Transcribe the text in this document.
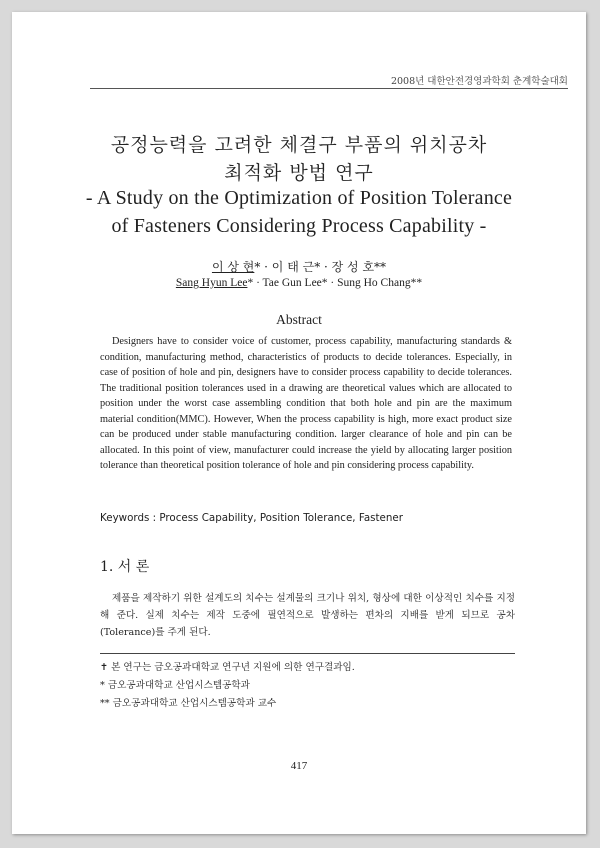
2008년 대한안전경영과학회 춘계학술대회
공정능력을 고려한 체결구 부품의 위치공차
최적화 방법 연구
- A Study on the Optimization of Position Tolerance
of Fasteners Considering Process Capability -
이 상 현* · 이 태 근* · 장 성 호**
Sang Hyun Lee* · Tae Gun Lee* · Sung Ho Chang**
Abstract

Designers have to consider voice of customer, process capability, manufacturing standards & condition, manufacturing method, characteristics of products to decide tolerances. Especially, in case of position of hole and pin, designers have to consider process capability to decide tolerances. The traditional position tolerances used in a drawing are theoretical values which are allocated to position under the worst case assembling condition that both hole and pin are the maximum material condition(MMC). However, When the process capability is high, more exact product size can be produced under stable manufacturing condition. larger clearance of hole and pin can be allocated. In this point of view, manufacturer could increase the yield by allocating larger position tolerance than theoretical position tolerance of hole and pin considering process capability.

Keywords : Process Capability, Position Tolerance, Fastener
1. 서 론

제품을 제작하기 위한 설계도의 치수는 설계물의 크기나 위치, 형상에 대한 이상적인 치수를 지정해 준다. 실제 치수는 제작 도중에 필연적으로 발생하는 편차의 지배를 받게 되므로 공차(Tolerance)를 주게 된다.

✝ 본 연구는 금오공과대학교 연구년 지원에 의한 연구결과임.
* 금오공과대학교 산업시스템공학과
** 금오공과대학교 산업시스템공학과 교수
417
